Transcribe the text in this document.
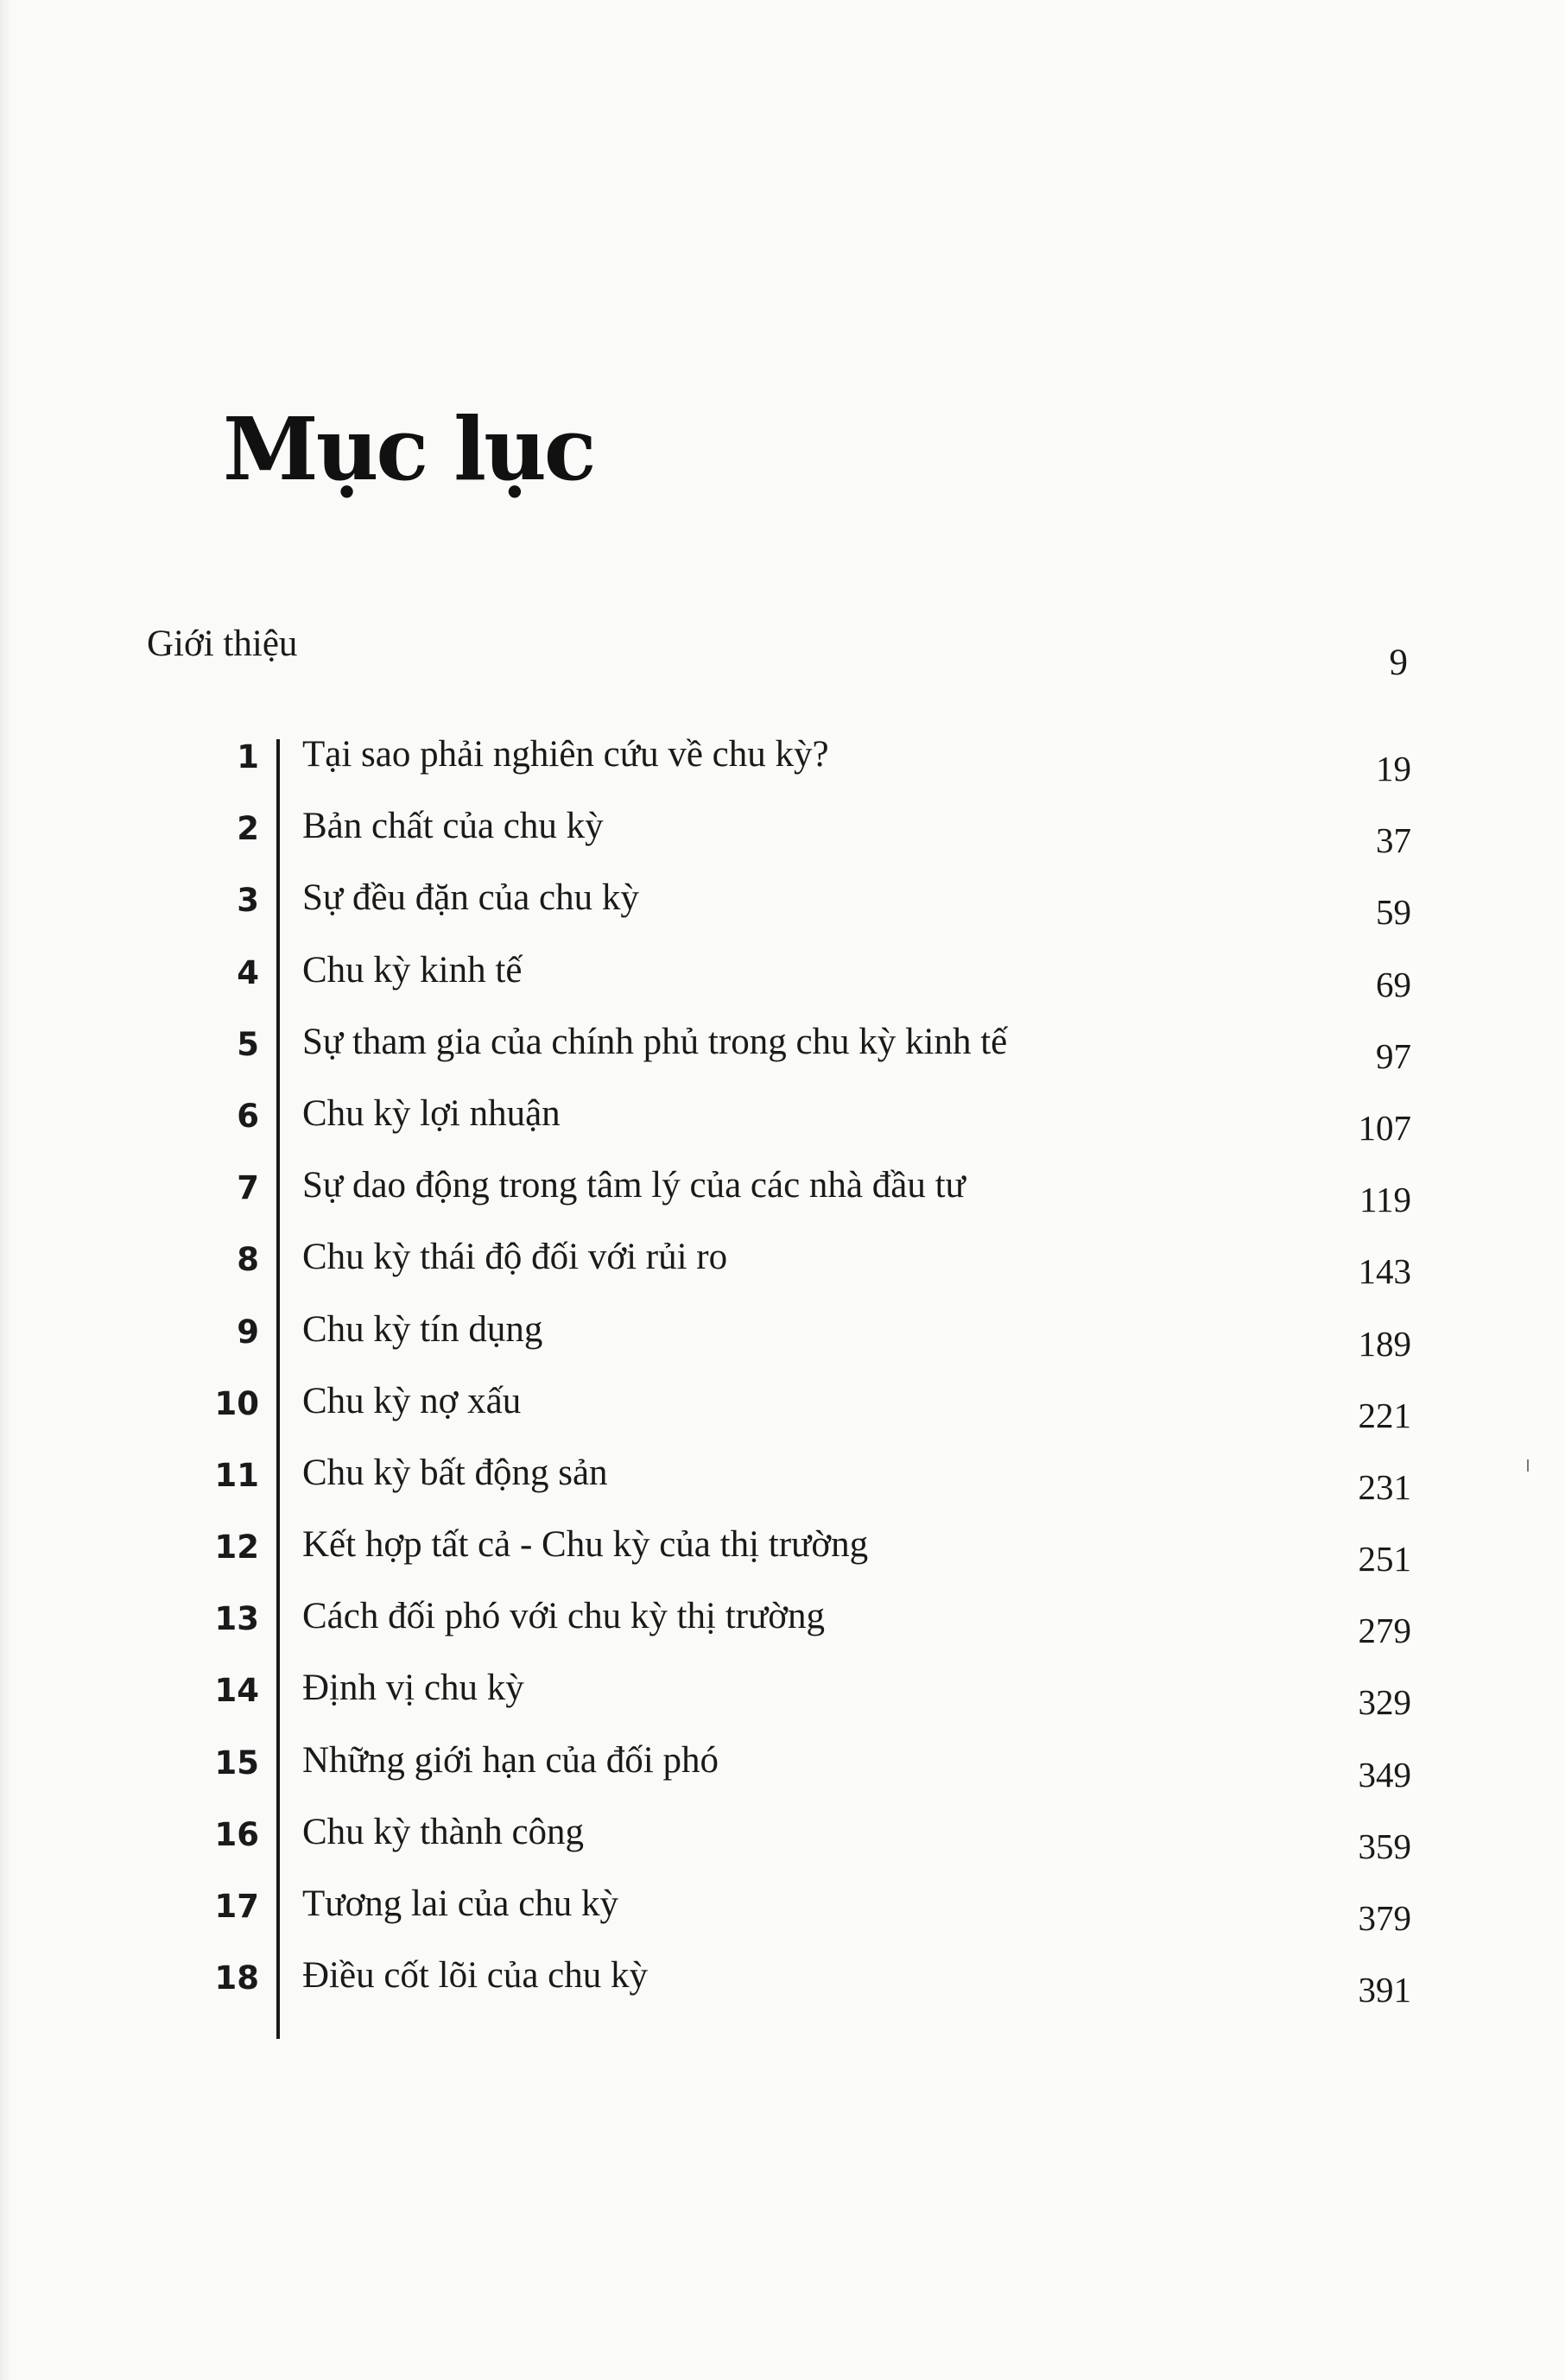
Mục lục
Giới thiệu	9
1 Tại sao phải nghiên cứu về chu kỳ?	19
2 Bản chất của chu kỳ	37
3 Sự đều đặn của chu kỳ	59
4 Chu kỳ kinh tế	69
5 Sự tham gia của chính phủ trong chu kỳ kinh tế	97
6 Chu kỳ lợi nhuận	107
7 Sự dao động trong tâm lý của các nhà đầu tư	119
8 Chu kỳ thái độ đối với rủi ro	143
9 Chu kỳ tín dụng	189
10 Chu kỳ nợ xấu	221
11 Chu kỳ bất động sản	231
12 Kết hợp tất cả - Chu kỳ của thị trường	251
13 Cách đối phó với chu kỳ thị trường	279
14 Định vị chu kỳ	329
15 Những giới hạn của đối phó	349
16 Chu kỳ thành công	359
17 Tương lai của chu kỳ	379
18 Điều cốt lõi của chu kỳ	391
